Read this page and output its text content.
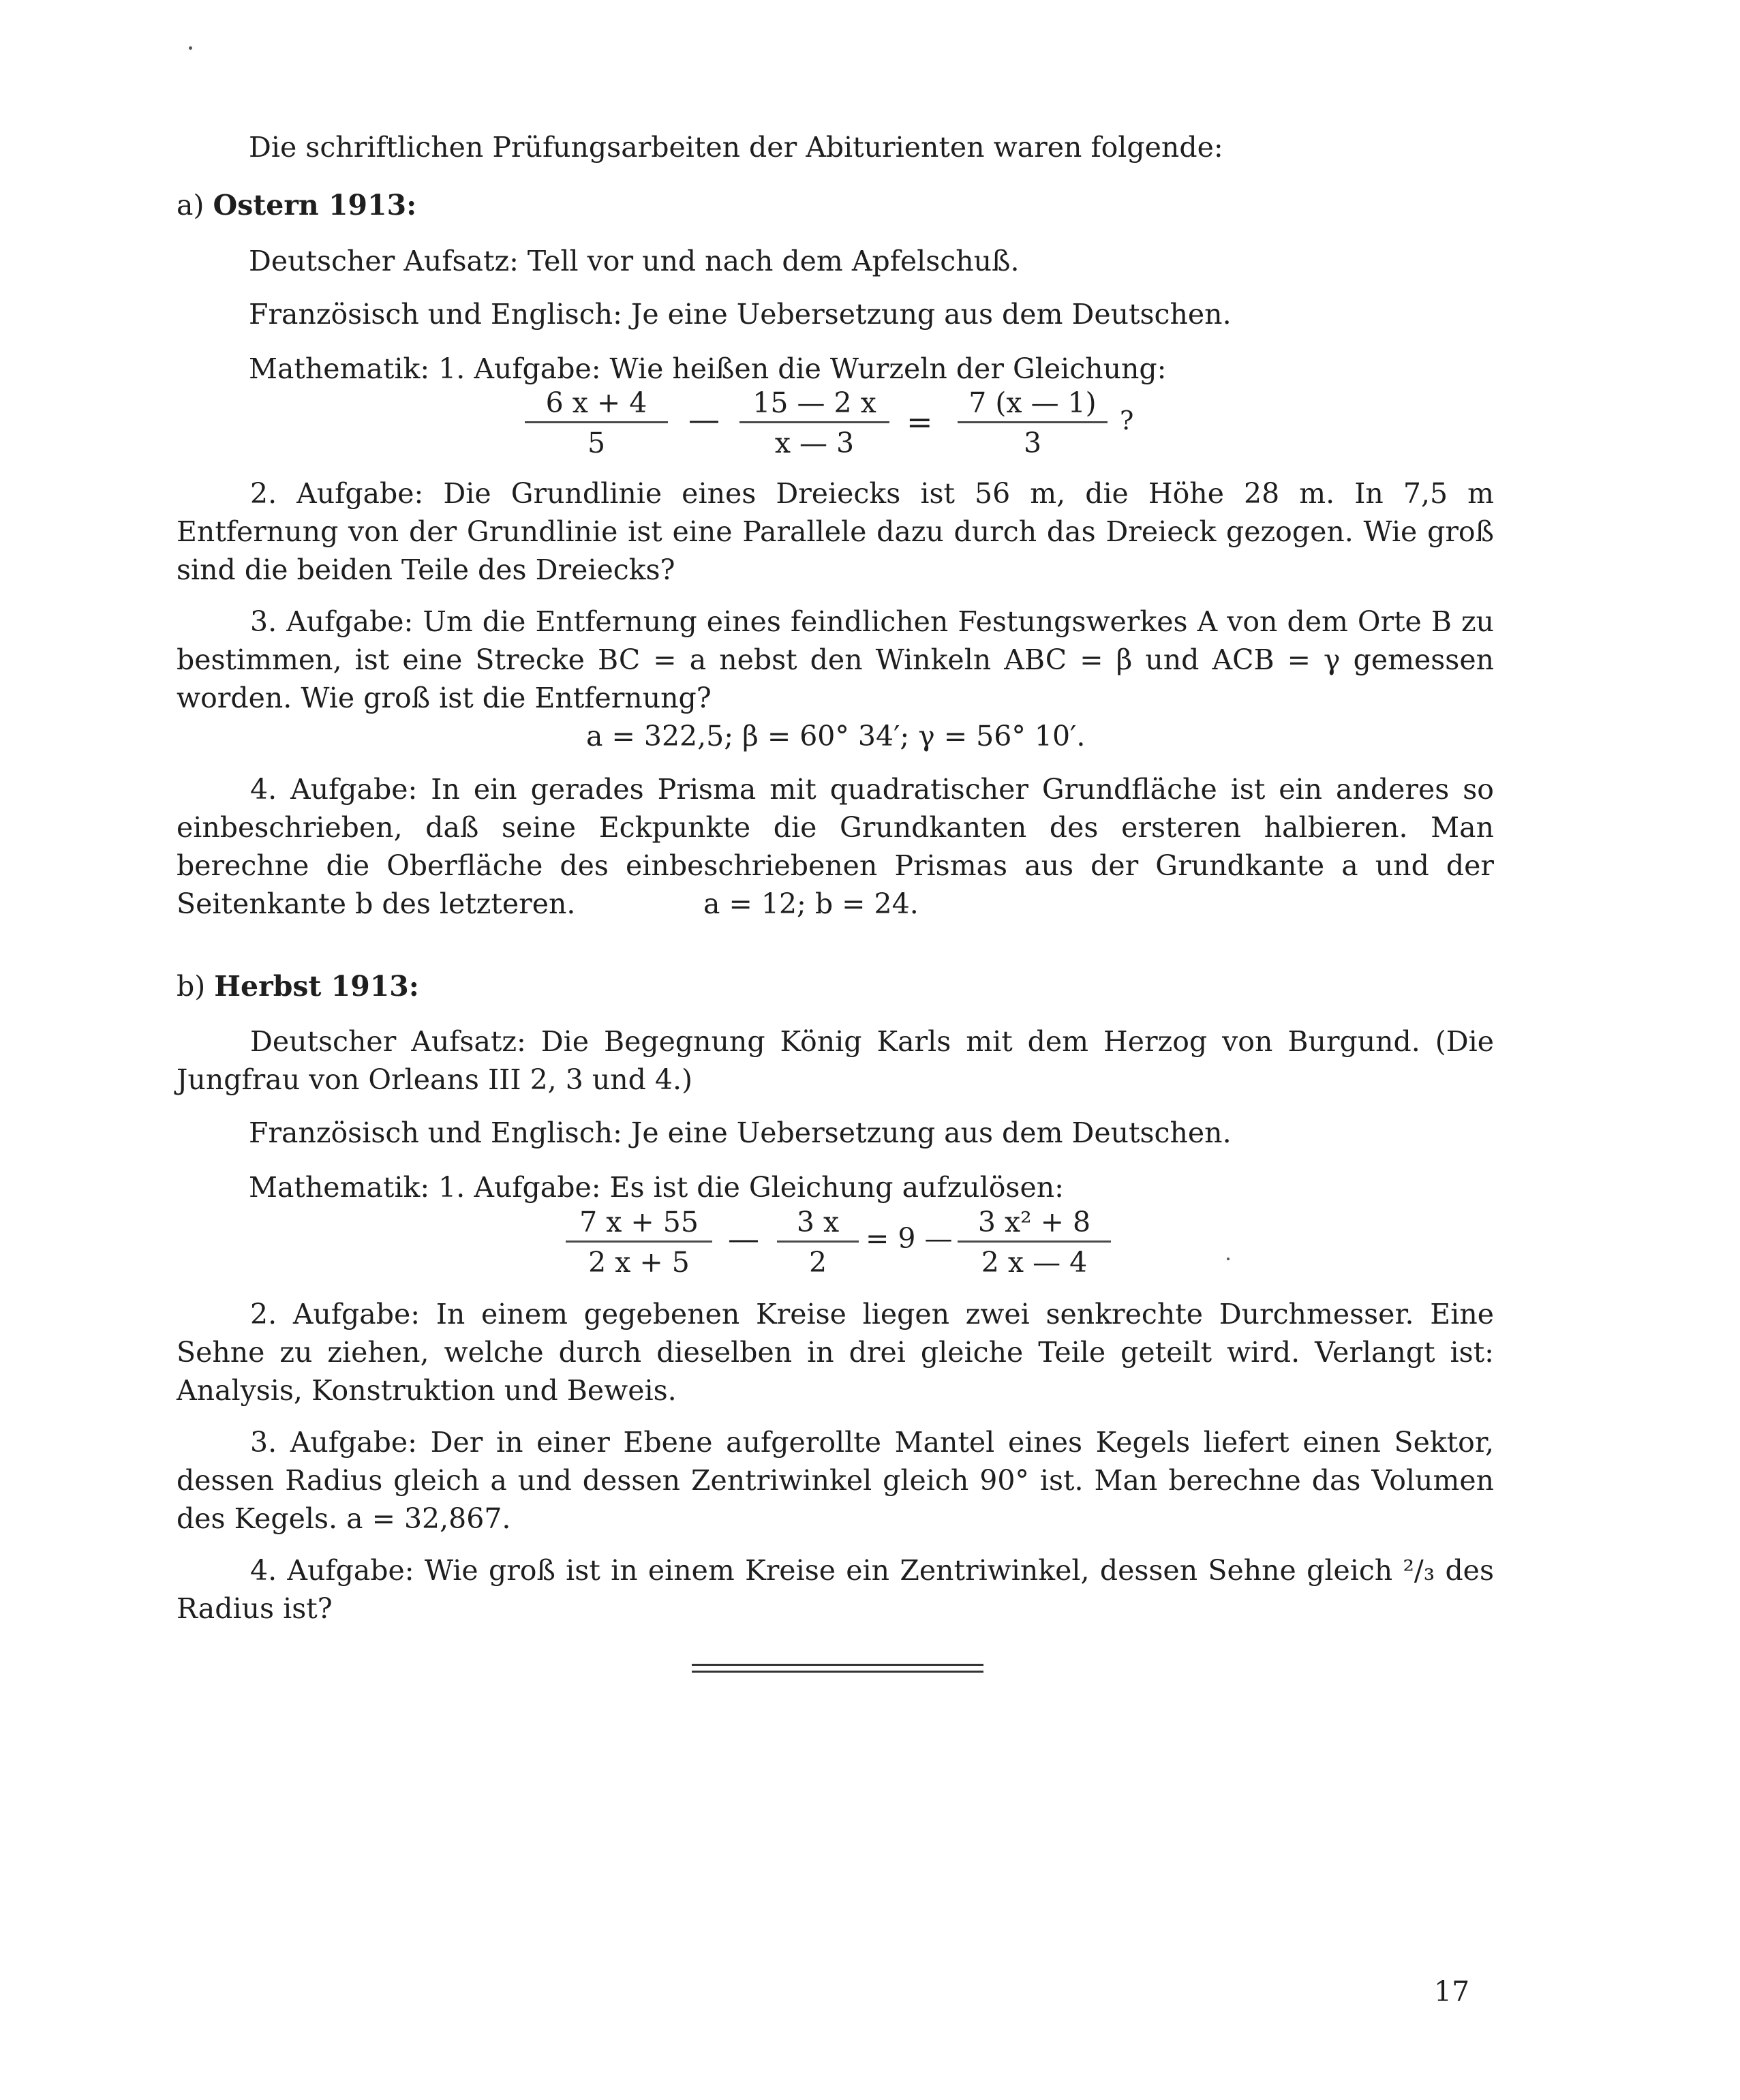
Die schriftlichen Prüfungsarbeiten der Abiturienten waren folgende:
a) Ostern 1913:
Deutscher Aufsatz: Tell vor und nach dem Apfelschuß.
Französisch und Englisch: Je eine Uebersetzung aus dem Deutschen.
Mathematik: 1. Aufgabe: Wie heißen die Wurzeln der Gleichung:
6 x + 4
5
— 15 — 2 x
x — 3
=
7 (x — 1)
3
?
2. Aufgabe: Die Grundlinie eines Dreiecks ist 56 m, die Höhe 28 m. In 7,5 m Entfernung von der Grundlinie ist eine Parallele dazu durch das Dreieck gezogen. Wie groß sind die beiden Teile des Dreiecks?
3. Aufgabe: Um die Entfernung eines feindlichen Festungswerkes A von dem Orte B zu bestimmen, ist eine Strecke BC = a nebst den Winkeln ABC = β und ACB = γ gemessen worden. Wie groß ist die Entfernung?
a = 322,5; β = 60° 34′; γ = 56° 10′.
4. Aufgabe: In ein gerades Prisma mit quadratischer Grundfläche ist ein anderes so einbeschrieben, daß seine Eckpunkte die Grundkanten des ersteren halbieren. Man berechne die Oberfläche des einbeschriebenen Prismas aus der Grundkante a und der Seitenkante b des letzteren.	a = 12; b = 24.
b) Herbst 1913:
Deutscher Aufsatz: Die Begegnung König Karls mit dem Herzog von Burgund. (Die Jungfrau von Orleans III 2, 3 und 4.)
Französisch und Englisch: Je eine Uebersetzung aus dem Deutschen.
Mathematik: 1. Aufgabe: Es ist die Gleichung aufzulösen:
7 x + 55
2 x + 5
— 3 x
2
= 9 — 3 x² + 8
2 x — 4
2. Aufgabe: In einem gegebenen Kreise liegen zwei senkrechte Durchmesser. Eine Sehne zu ziehen, welche durch dieselben in drei gleiche Teile geteilt wird. Verlangt ist: Analysis, Konstruktion und Beweis.
3. Aufgabe: Der in einer Ebene aufgerollte Mantel eines Kegels liefert einen Sektor, dessen Radius gleich a und dessen Zentriwinkel gleich 90° ist. Man berechne das Volumen des Kegels. a = 32,867.
4. Aufgabe: Wie groß ist in einem Kreise ein Zentriwinkel, dessen Sehne gleich ²/₃ des Radius ist?
17
